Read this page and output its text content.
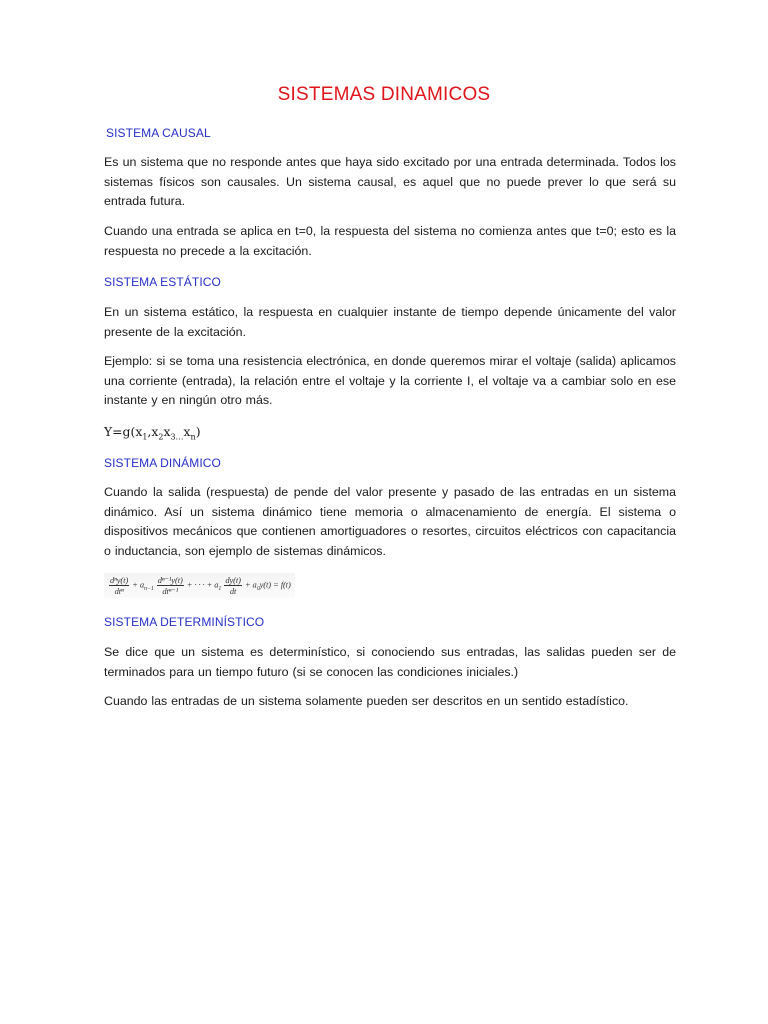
SISTEMAS DINAMICOS
SISTEMA CAUSAL
Es un sistema que no responde antes que haya sido excitado por una entrada determinada. Todos los sistemas físicos son causales. Un sistema causal, es aquel que no puede prever lo que será su entrada futura.
Cuando una entrada se aplica en t=0, la respuesta del sistema no comienza antes que t=0; esto es la respuesta no precede a la excitación.
SISTEMA ESTÁTICO
En un sistema estático, la respuesta en cualquier instante de tiempo depende únicamente del valor presente de la excitación.
Ejemplo: si se toma una resistencia electrónica, en donde queremos mirar el voltaje (salida) aplicamos una corriente (entrada), la relación entre el voltaje y la corriente I, el voltaje va a cambiar solo en ese instante y en ningún otro más.
$Y=g(x_1,x_2x_{3\dots}x_n)$
SISTEMA DINÁMICO
Cuando la salida (respuesta) de pende del valor presente y pasado de las entradas en un sistema dinámico. Así un sistema dinámico tiene memoria o almacenamiento de energía. El sistema o dispositivos mecánicos que contienen amortiguadores o resortes, circuitos eléctricos con capacitancia o inductancia, son ejemplo de sistemas dinámicos.
$\frac{\text{dⁿy(t)}}{\text{dtⁿ}} + a_{n-1} \frac{\text{dⁿ⁻¹y(t)}}{\text{dtⁿ⁻¹}}$ + · · · + $a_1 \frac{dy(t)}{dt} + a_0y(t) = f(t)$
SISTEMA DETERMINÍSTICO
Se dice que un sistema es determinístico, si conociendo sus entradas, las salidas pueden ser de terminados para un tiempo futuro (si se conocen las condiciones iniciales.)
Cuando las entradas de un sistema solamente pueden ser descritos en un sentido estadístico.
